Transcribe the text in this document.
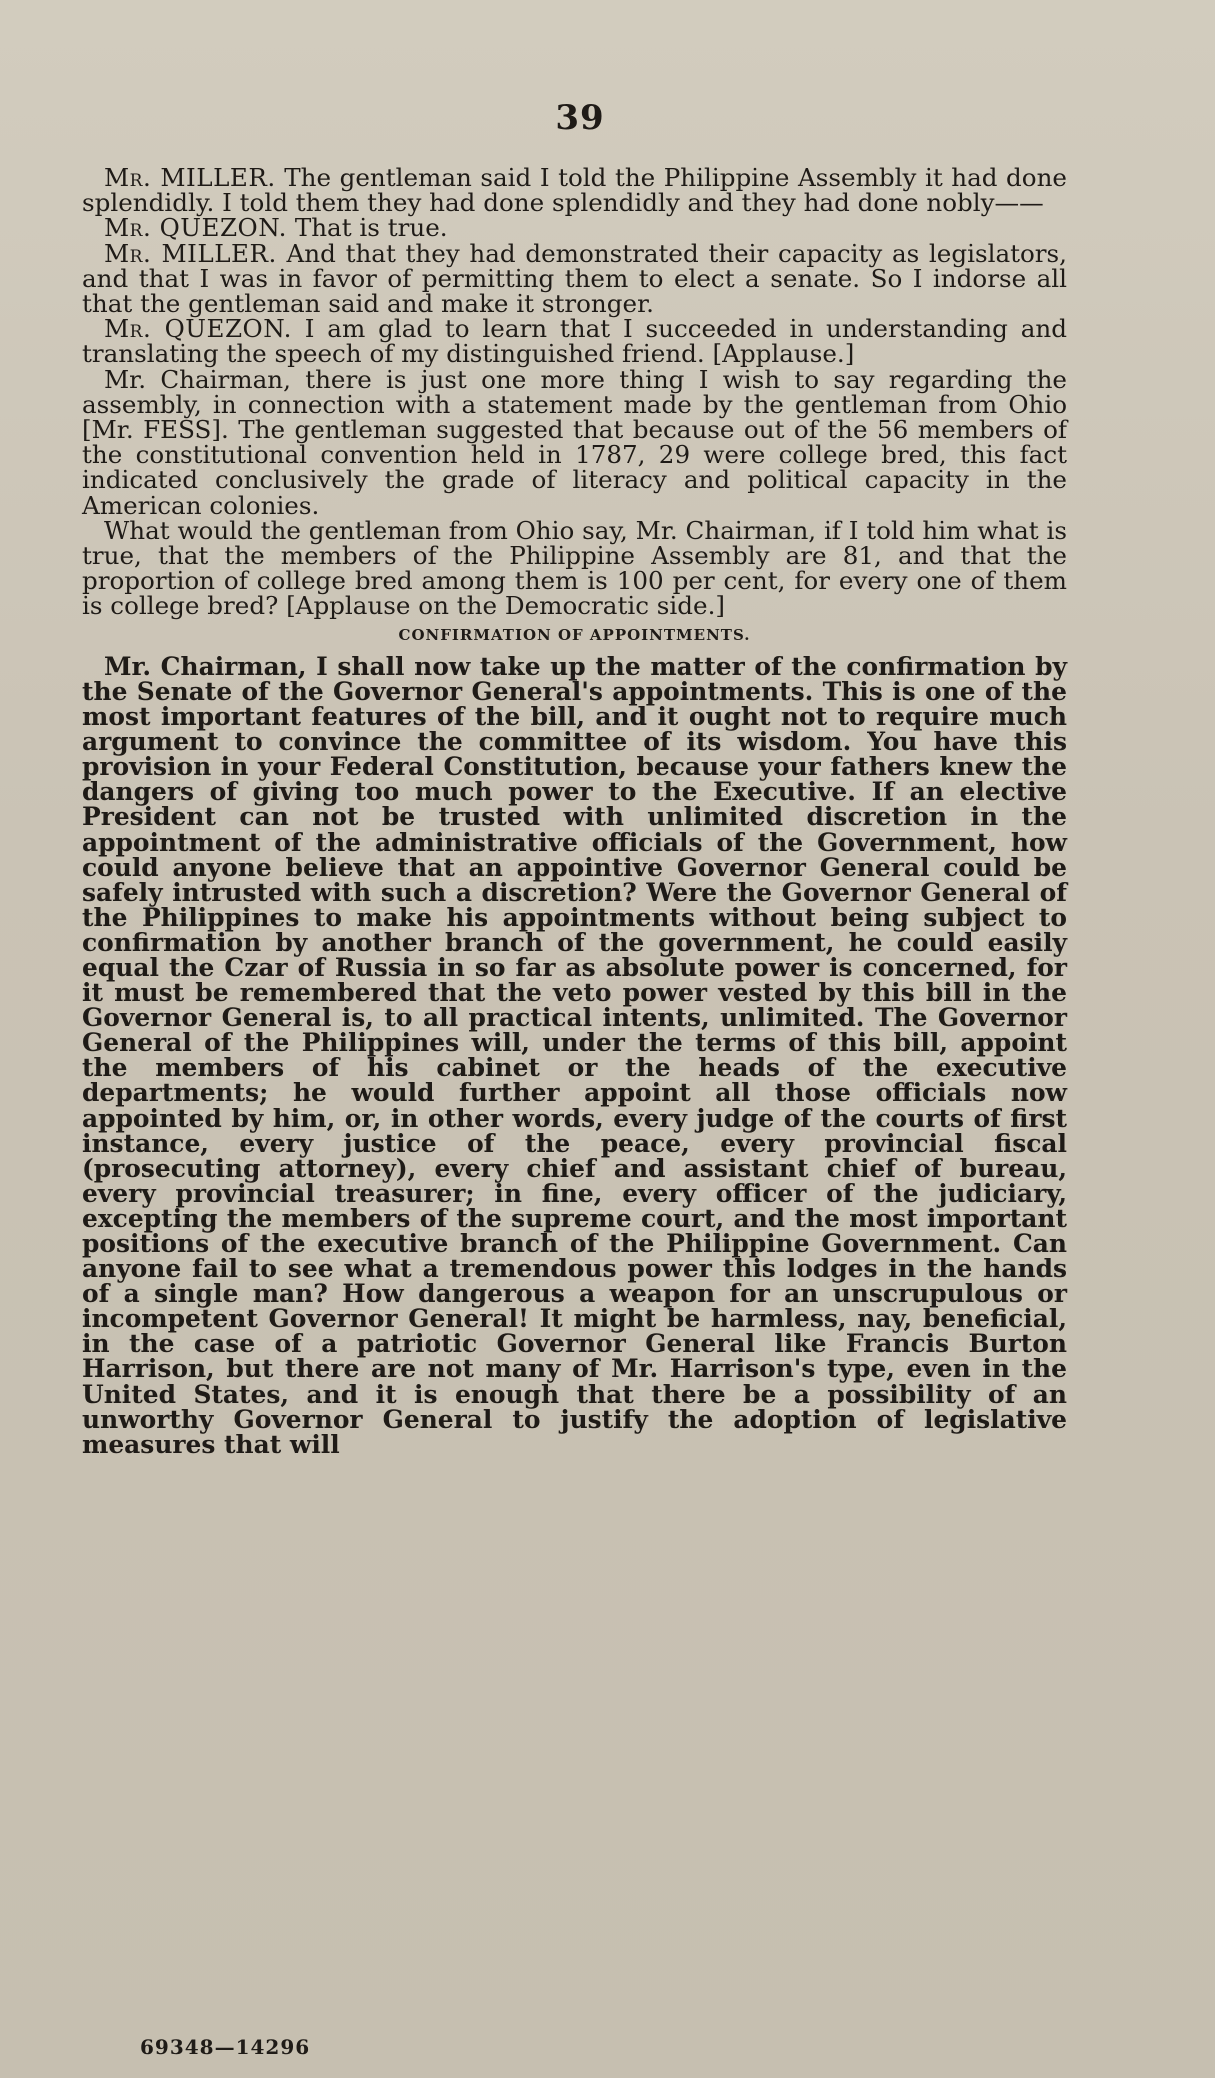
39

Mr. MILLER. The gentleman said I told the Philippine Assembly it had done splendidly. I told them they had done splendidly and they had done nobly——

Mr. QUEZON. That is true.

Mr. MILLER. And that they had demonstrated their capacity as legislators, and that I was in favor of permitting them to elect a senate. So I indorse all that the gentleman said and make it stronger.

Mr. QUEZON. I am glad to learn that I succeeded in understanding and translating the speech of my distinguished friend. [Applause.]

Mr. Chairman, there is just one more thing I wish to say regarding the assembly, in connection with a statement made by the gentleman from Ohio [Mr. FESS]. The gentleman suggested that because out of the 56 members of the constitutional convention held in 1787, 29 were college bred, this fact indicated conclusively the grade of literacy and political capacity in the American colonies.

What would the gentleman from Ohio say, Mr. Chairman, if I told him what is true, that the members of the Philippine Assembly are 81, and that the proportion of college bred among them is 100 per cent, for every one of them is college bred? [Applause on the Democratic side.]

CONFIRMATION OF APPOINTMENTS.

Mr. Chairman, I shall now take up the matter of the confirmation by the Senate of the Governor General's appointments. This is one of the most important features of the bill, and it ought not to require much argument to convince the committee of its wisdom. You have this provision in your Federal Constitution, because your fathers knew the dangers of giving too much power to the Executive. If an elective President can not be trusted with unlimited discretion in the appointment of the administrative officials of the Government, how could anyone believe that an appointive Governor General could be safely intrusted with such a discretion? Were the Governor General of the Philippines to make his appointments without being subject to confirmation by another branch of the government, he could easily equal the Czar of Russia in so far as absolute power is concerned, for it must be remembered that the veto power vested by this bill in the Governor General is, to all practical intents, unlimited. The Governor General of the Philippines will, under the terms of this bill, appoint the members of his cabinet or the heads of the executive departments; he would further appoint all those officials now appointed by him, or, in other words, every judge of the courts of first instance, every justice of the peace, every provincial fiscal (prosecuting attorney), every chief and assistant chief of bureau, every provincial treasurer; in fine, every officer of the judiciary, excepting the members of the supreme court, and the most important positions of the executive branch of the Philippine Government. Can anyone fail to see what a tremendous power this lodges in the hands of a single man? How dangerous a weapon for an unscrupulous or incompetent Governor General! It might be harmless, nay, beneficial, in the case of a patriotic Governor General like Francis Burton Harrison, but there are not many of Mr. Harrison's type, even in the United States, and it is enough that there be a possibility of an unworthy Governor General to justify the adoption of legislative measures that will

69348—14296
